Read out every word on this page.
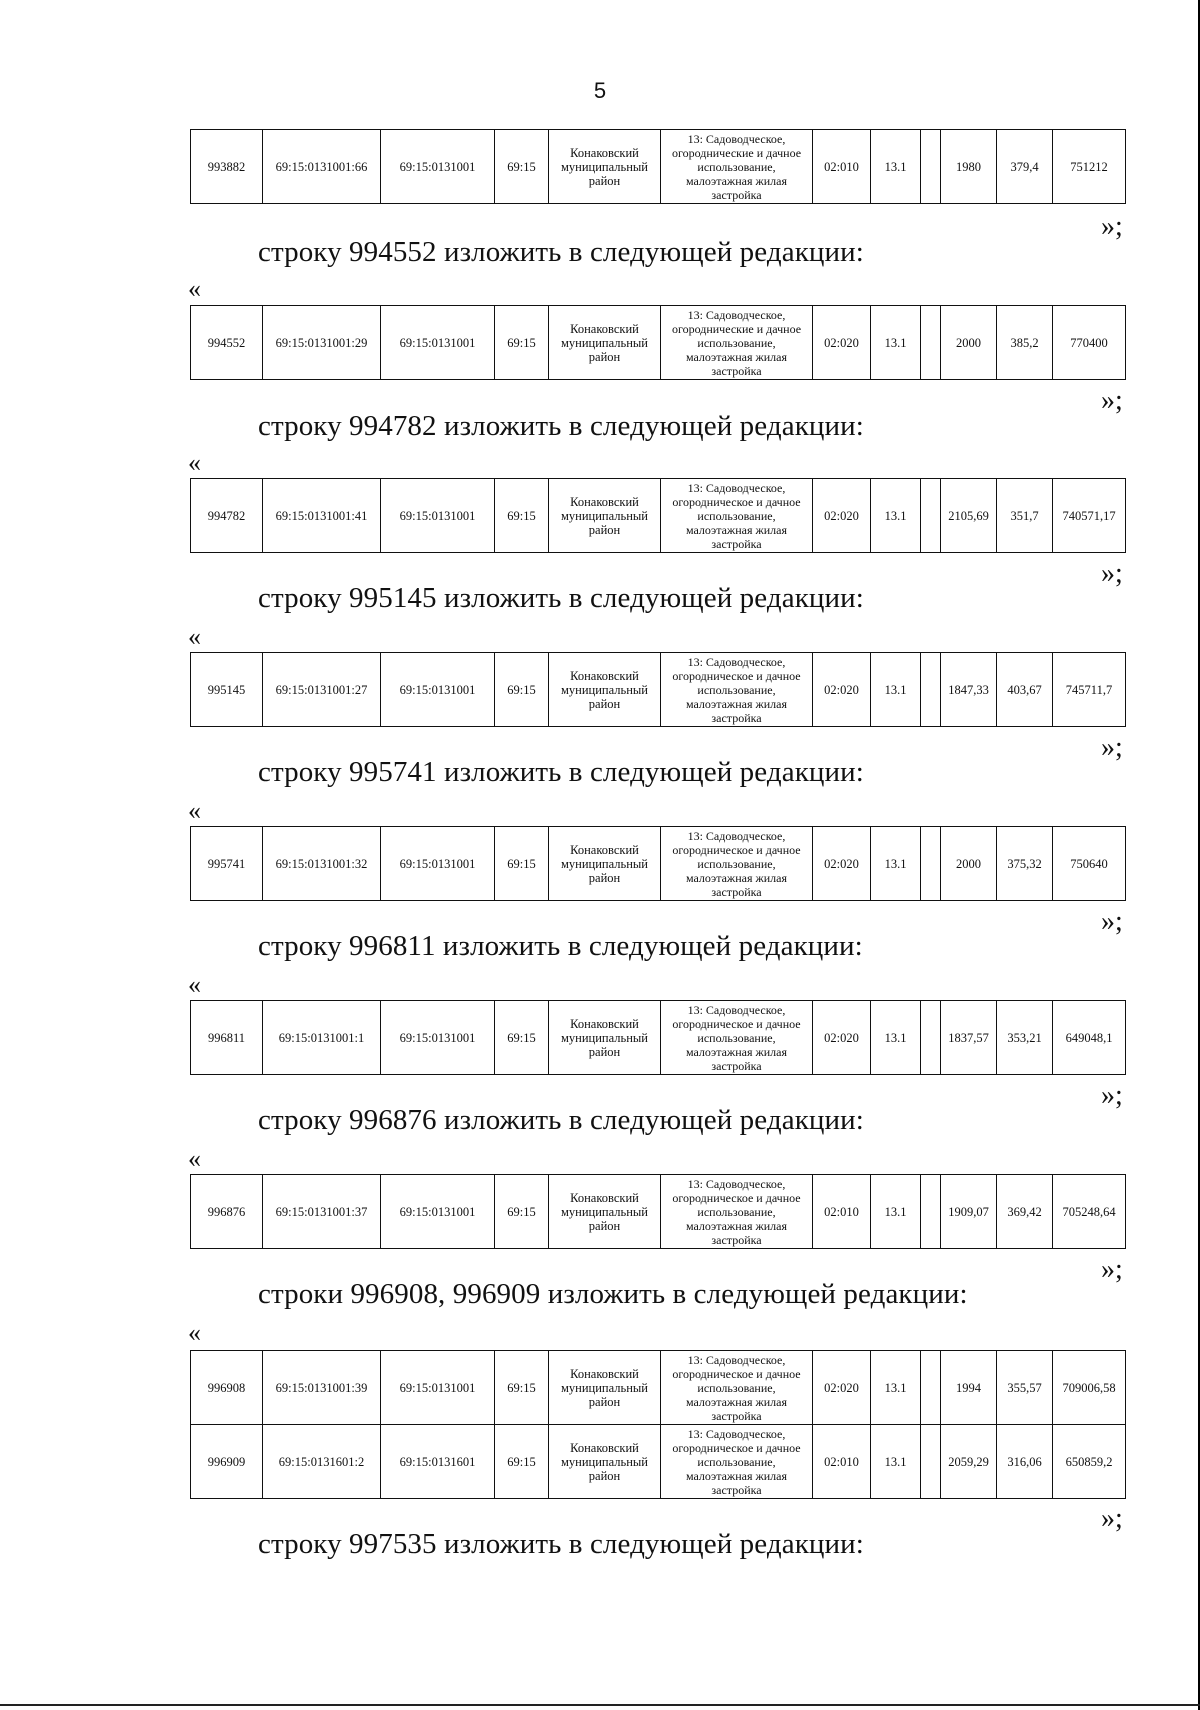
5
993882	69:15:0131001:66	69:15:0131001	69:15	Конаковский муниципальный район	13: Садоводческое, огороднические и дачное использование, малоэтажная жилая застройка	02:010	13.1		1980	379,4	751212
»;
строку 994552 изложить в следующей редакции:
«
994552	69:15:0131001:29	69:15:0131001	69:15	Конаковский муниципальный район	13: Садоводческое, огороднические и дачное использование, малоэтажная жилая застройка	02:020	13.1		2000	385,2	770400
»;
строку 994782 изложить в следующей редакции:
«
994782	69:15:0131001:41	69:15:0131001	69:15	Конаковский муниципальный район	13: Садоводческое, огородническое и дачное использование, малоэтажная жилая застройка	02:020	13.1		2105,69	351,7	740571,17
»;
строку 995145 изложить в следующей редакции:
«
995145	69:15:0131001:27	69:15:0131001	69:15	Конаковский муниципальный район	13: Садоводческое, огородническое и дачное использование, малоэтажная жилая застройка	02:020	13.1		1847,33	403,67	745711,7
»;
строку 995741 изложить в следующей редакции:
«
995741	69:15:0131001:32	69:15:0131001	69:15	Конаковский муниципальный район	13: Садоводческое, огородническое и дачное использование, малоэтажная жилая застройка	02:020	13.1		2000	375,32	750640
»;
строку 996811 изложить в следующей редакции:
«
996811	69:15:0131001:1	69:15:0131001	69:15	Конаковский муниципальный район	13: Садоводческое, огородническое и дачное использование, малоэтажная жилая застройка	02:020	13.1		1837,57	353,21	649048,1
»;
строку 996876 изложить в следующей редакции:
«
996876	69:15:0131001:37	69:15:0131001	69:15	Конаковский муниципальный район	13: Садоводческое, огородническое и дачное использование, малоэтажная жилая застройка	02:010	13.1		1909,07	369,42	705248,64
»;
строки 996908, 996909 изложить в следующей редакции:
«
996908	69:15:0131001:39	69:15:0131001	69:15	Конаковский муниципальный район	13: Садоводческое, огородническое и дачное использование, малоэтажная жилая застройка	02:020	13.1		1994	355,57	709006,58
996909	69:15:0131601:2	69:15:0131601	69:15	Конаковский муниципальный район	13: Садоводческое, огородническое и дачное использование, малоэтажная жилая застройка	02:010	13.1		2059,29	316,06	650859,2
»;
строку 997535 изложить в следующей редакции:
